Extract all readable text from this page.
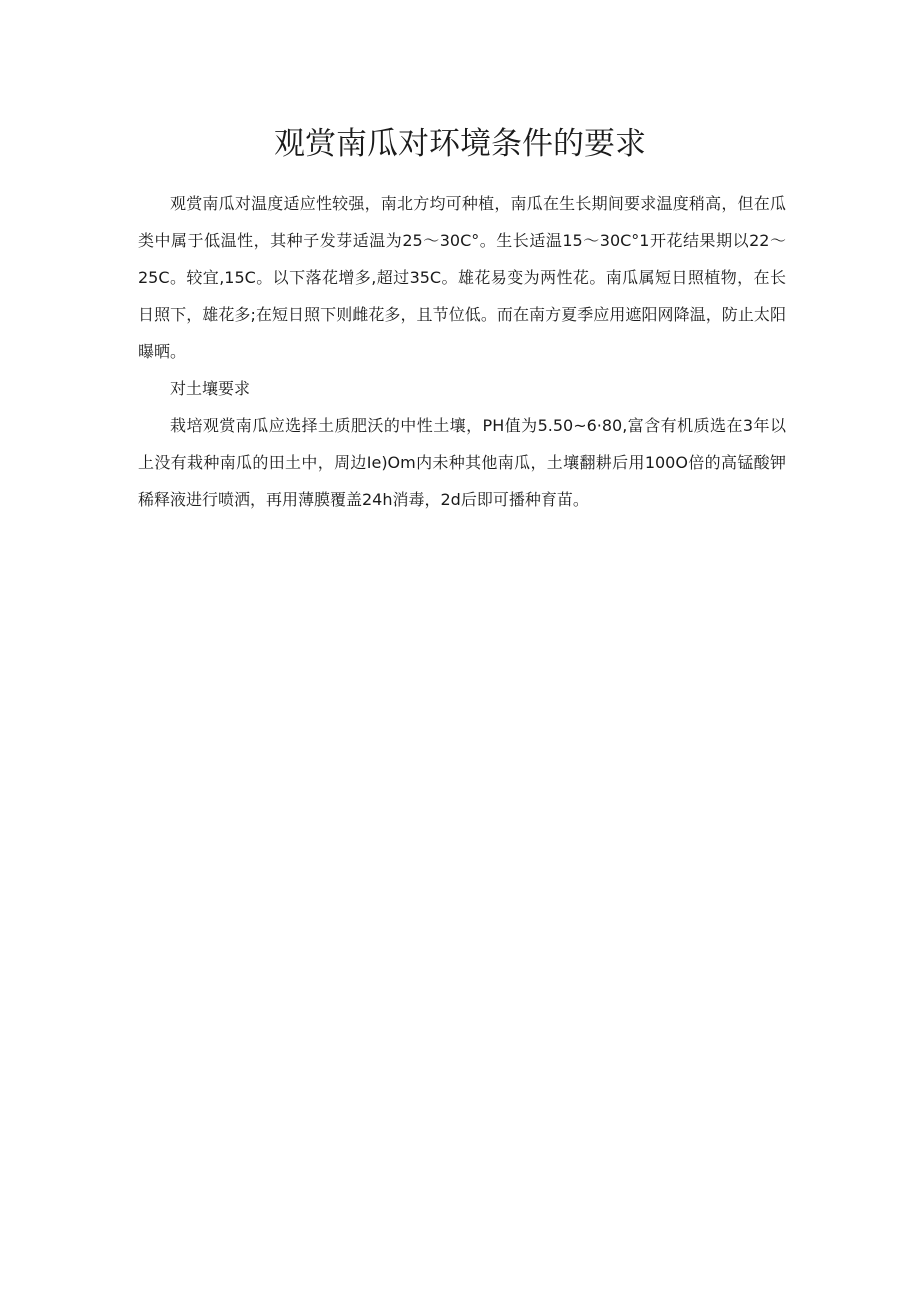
观赏南瓜对环境条件的要求

观赏南瓜对温度适应性较强，南北方均可种植，南瓜在生长期间要求温度稍高，但在瓜类中属于低温性，其种子发芽适温为25～30C°。生长适温15～30C°1开花结果期以22～25C。较宜,15C。以下落花增多,超过35C。雄花易变为两性花。南瓜属短日照植物，在长日照下，雄花多;在短日照下则雌花多，且节位低。而在南方夏季应用遮阳网降温，防止太阳曝晒。

对土壤要求

栽培观赏南瓜应选择土质肥沃的中性土壤，PH值为5.50~6·80,富含有机质选在3年以上没有栽种南瓜的田土中，周边Ie)Om内未种其他南瓜，土壤翻耕后用100O倍的高锰酸钾稀释液进行喷洒，再用薄膜覆盖24h消毒，2d后即可播种育苗。
